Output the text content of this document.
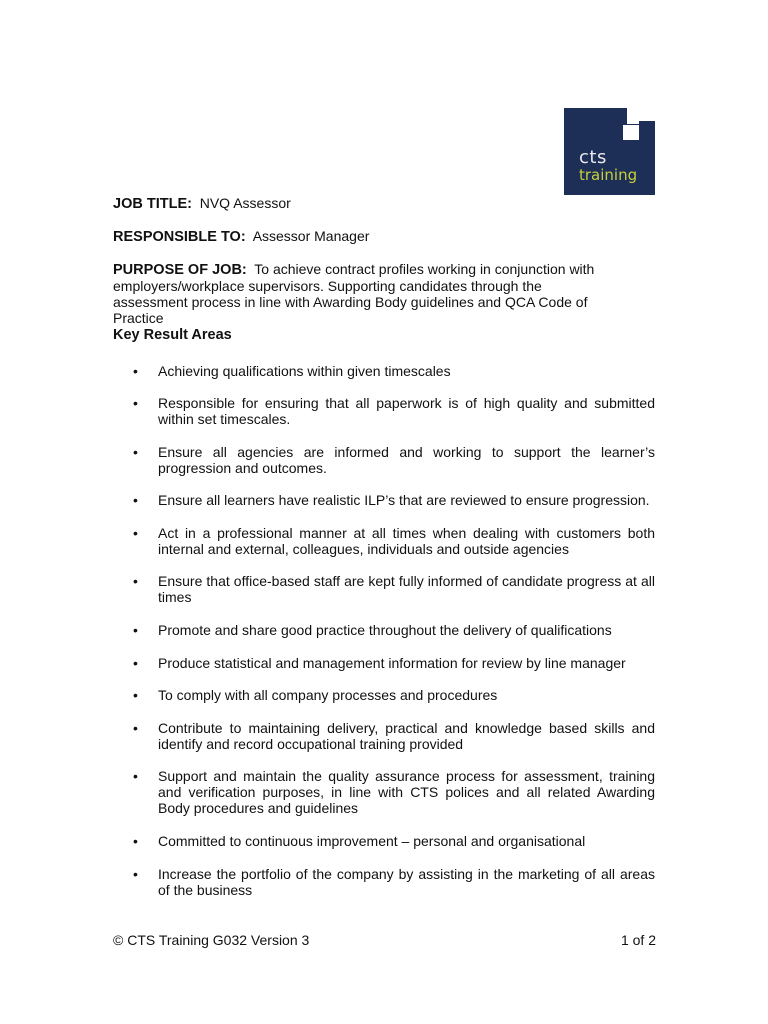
cts
training
JOB TITLE: NVQ Assessor
RESPONSIBLE TO: Assessor Manager
PURPOSE OF JOB: To achieve contract profiles working in conjunction with employers/workplace supervisors. Supporting candidates through the assessment process in line with Awarding Body guidelines and QCA Code of Practice
Key Result Areas
•	Achieving qualifications within given timescales
•	Responsible for ensuring that all paperwork is of high quality and submitted within set timescales.
•	Ensure all agencies are informed and working to support the learner’s progression and outcomes.
•	Ensure all learners have realistic ILP’s that are reviewed to ensure progression.
•	Act in a professional manner at all times when dealing with customers both internal and external, colleagues, individuals and outside agencies
•	Ensure that office-based staff are kept fully informed of candidate progress at all times
•	Promote and share good practice throughout the delivery of qualifications
•	Produce statistical and management information for review by line manager
•	To comply with all company processes and procedures
•	Contribute to maintaining delivery, practical and knowledge based skills and identify and record occupational training provided
•	Support and maintain the quality assurance process for assessment, training and verification purposes, in line with CTS polices and all related Awarding Body procedures and guidelines
•	Committed to continuous improvement – personal and organisational
•	Increase the portfolio of the company by assisting in the marketing of all areas of the business
© CTS Training G032 Version 3	1 of 2
